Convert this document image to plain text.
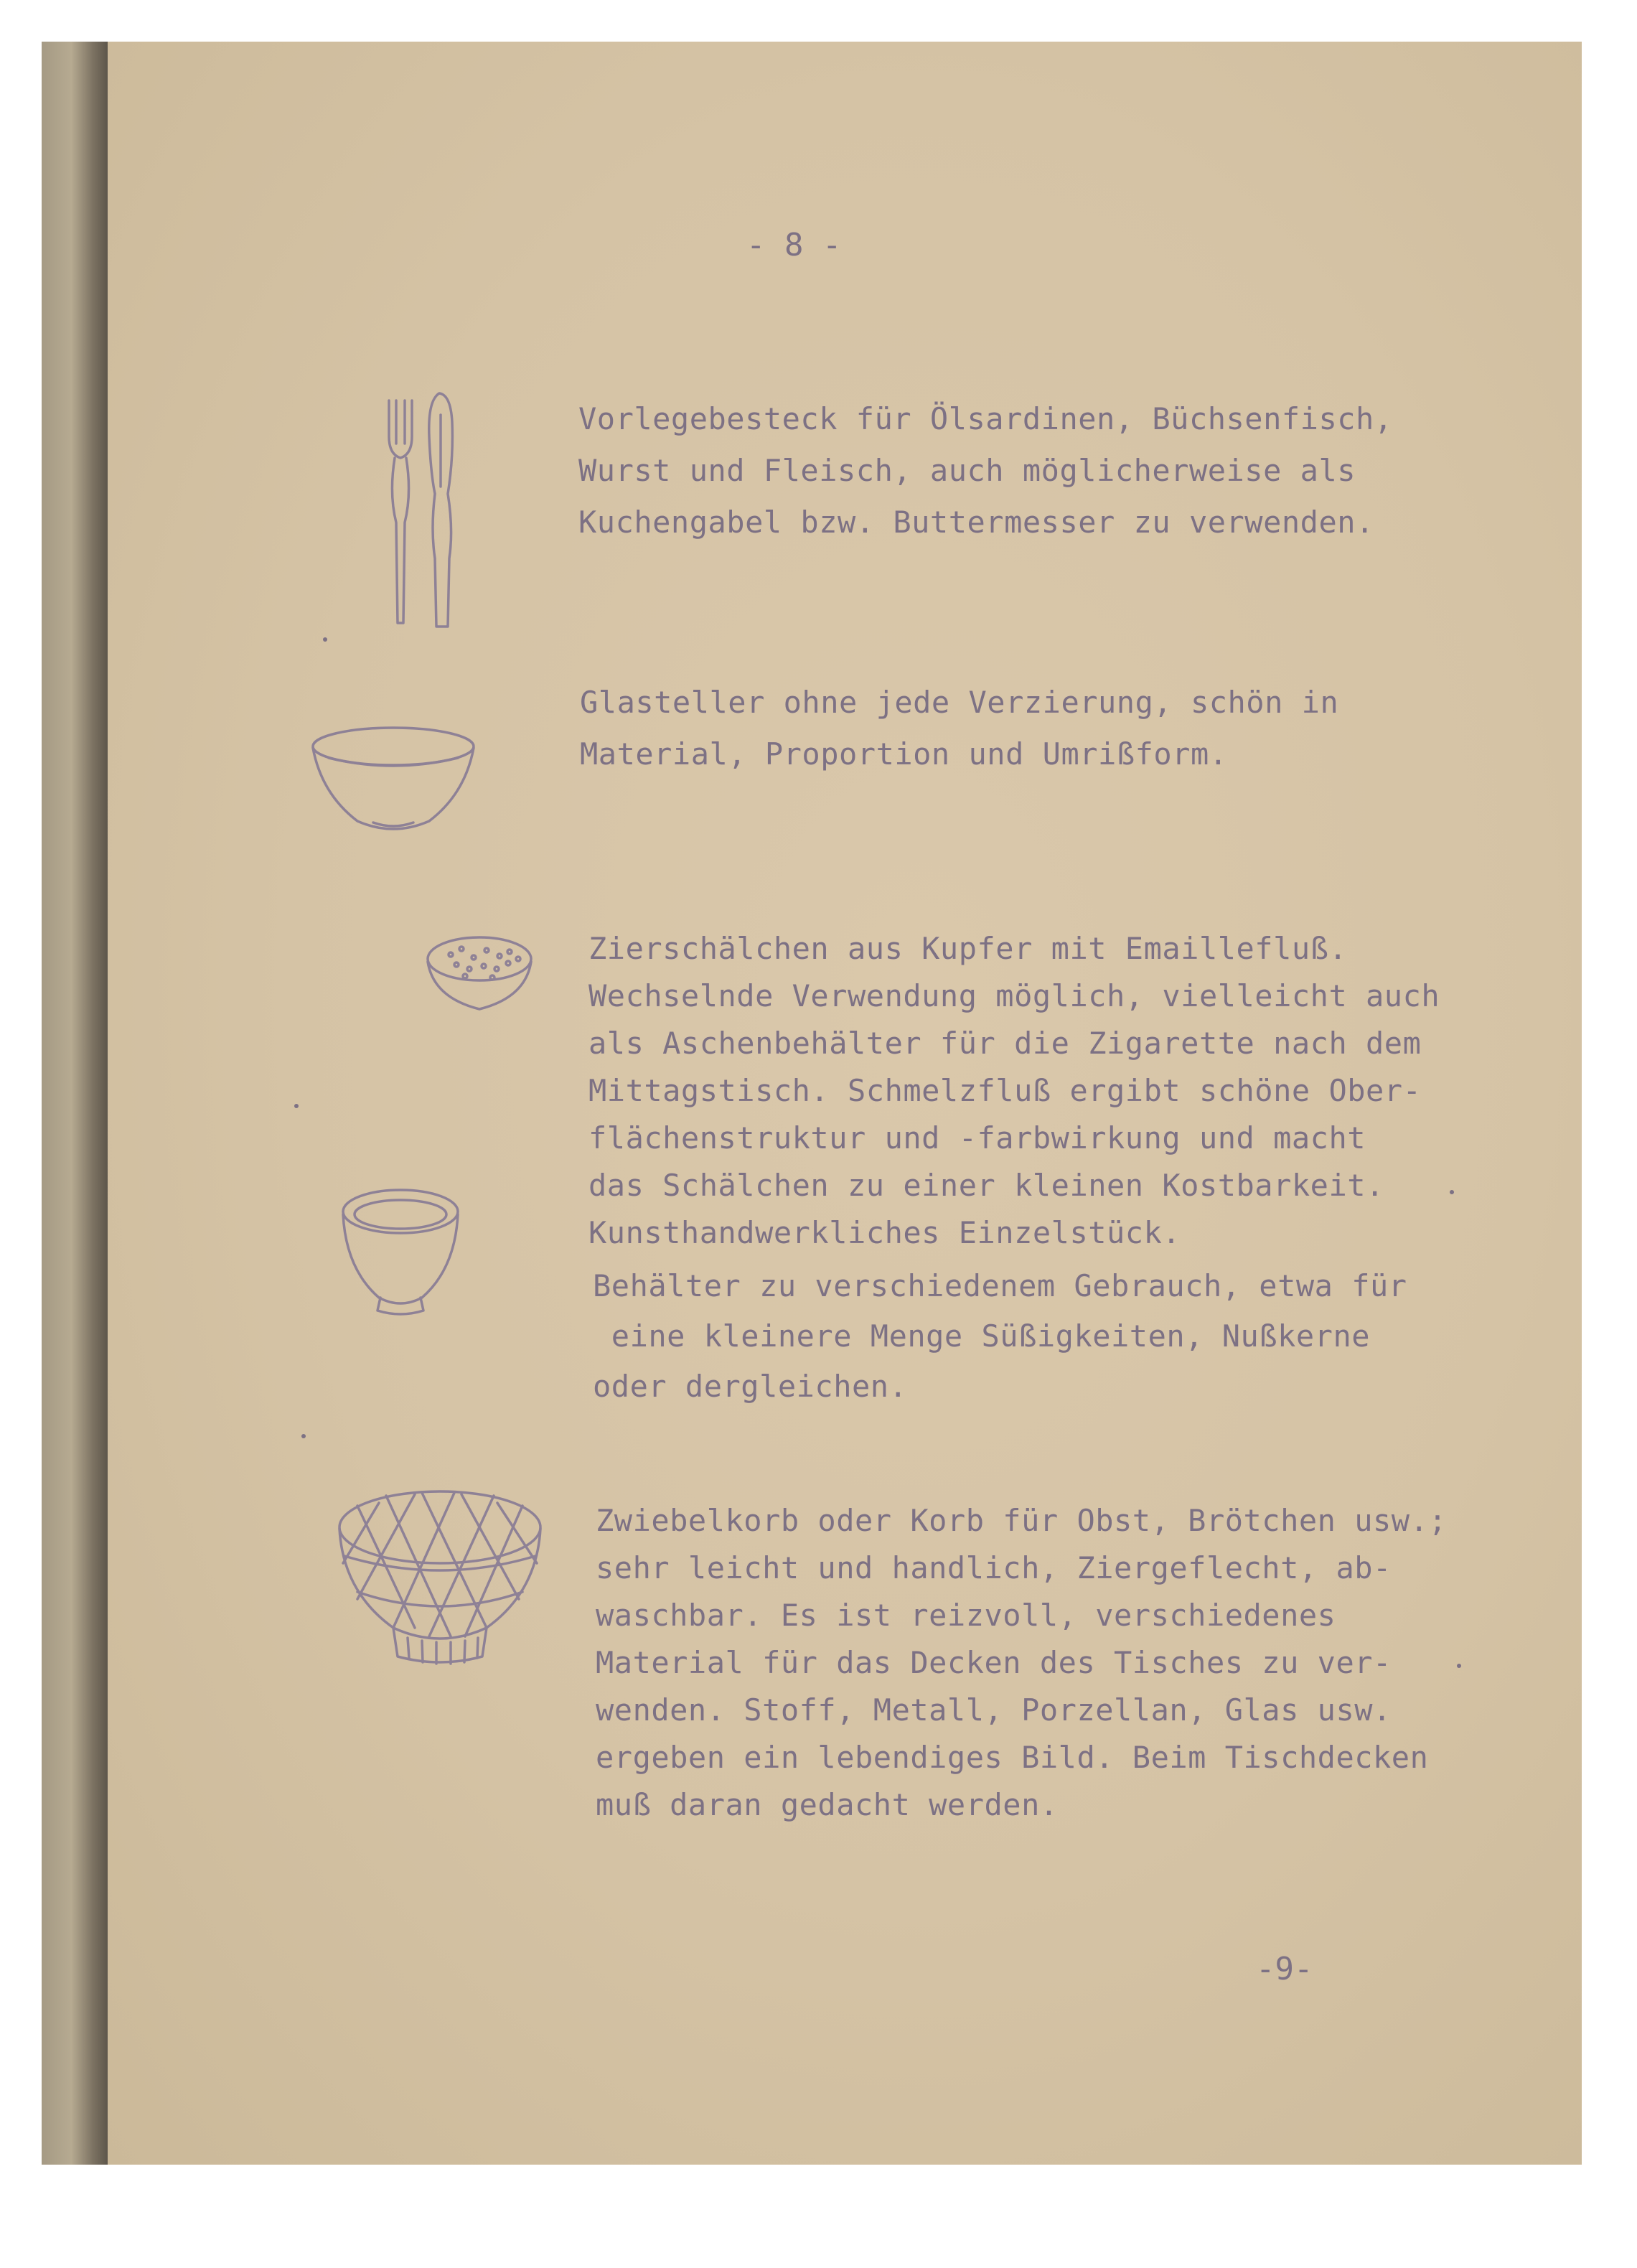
- 8 -
Vorlegebesteck für Ölsardinen, Büchsenfisch,
Wurst und Fleisch, auch möglicherweise als
Kuchengabel bzw. Buttermesser zu verwenden.
Glasteller ohne jede Verzierung, schön in
Material, Proportion und Umrißform.
Zierschälchen aus Kupfer mit Emaillefluß.
Wechselnde Verwendung möglich, vielleicht auch
als Aschenbehälter für die Zigarette nach dem
Mittagstisch. Schmelzfluß ergibt schöne Ober-
flächenstruktur und -farbwirkung und macht
das Schälchen zu einer kleinen Kostbarkeit.
Kunsthandwerkliches Einzelstück.
Behälter zu verschiedenem Gebrauch, etwa für
eine kleinere Menge Süßigkeiten, Nußkerne
oder dergleichen.
Zwiebelkorb oder Korb für Obst, Brötchen usw.;
sehr leicht und handlich, Ziergeflecht, ab-
waschbar. Es ist reizvoll, verschiedenes
Material für das Decken des Tisches zu ver-
wenden. Stoff, Metall, Porzellan, Glas usw.
ergeben ein lebendiges Bild. Beim Tischdecken
muß daran gedacht werden.
-9-
